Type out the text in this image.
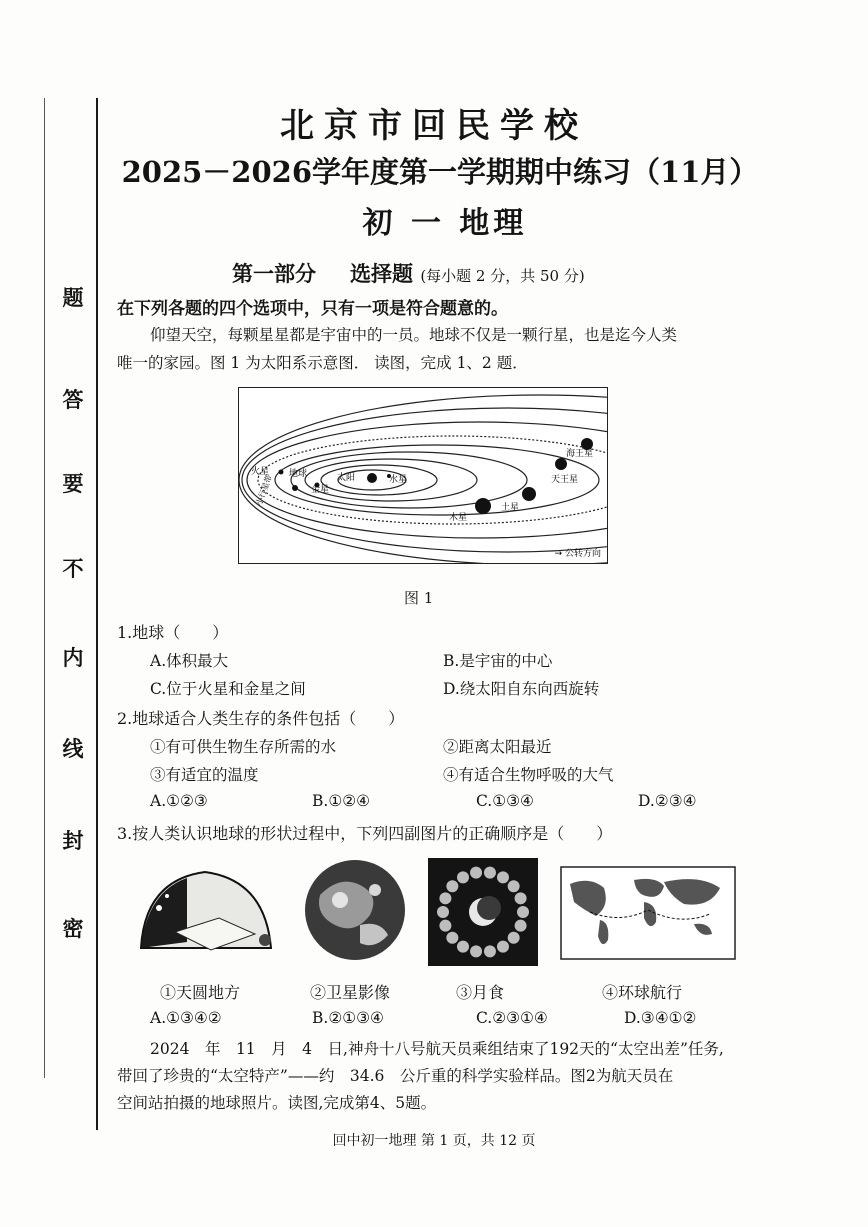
题
答
要
不
内
线
封
密
北京市回民学校
2025－2026学年度第一学期期中练习（11月）
初 一 地理
第一部分 选择题 (每小题 2 分，共 50 分)
在下列各题的四个选项中，只有一项是符合题意的。
仰望天空，每颗星星都是宇宙中的一员。地球不仅是一颗行星，也是迄今人类
唯一的家园。图 1 为太阳系示意图． 读图，完成 1、2 题．
火星 地球
金星
太阳	水星
木星
土星
天王星
海王星
小行星带
→ 公转方向
图 1
1.地球（　　）
A.体积最大	B.是宇宙的中心
C.位于火星和金星之间	D.绕太阳自东向西旋转
2.地球适合人类生存的条件包括（　　）
①有可供生物生存所需的水	②距离太阳最近
③有适宜的温度	④有适合生物呼吸的大气
A.①②③	B.①②④	C.①③④	D.②③④
3.按人类认识地球的形状过程中，下列四副图片的正确顺序是（　　）
①天圆地方	②卫星影像	③月食	④环球航行
A.①③④②	B.②①③④	C.②③①④	D.③④①②
2024　年　11　月　4　日,神舟十八号航天员乘组结束了192天的“太空出差”任务,
带回了珍贵的“太空特产”——约　34.6　公斤重的科学实验样品。图2为航天员在
空间站拍摄的地球照片。读图,完成第4、5题。
回中初一地理 第 1 页，共 12 页
